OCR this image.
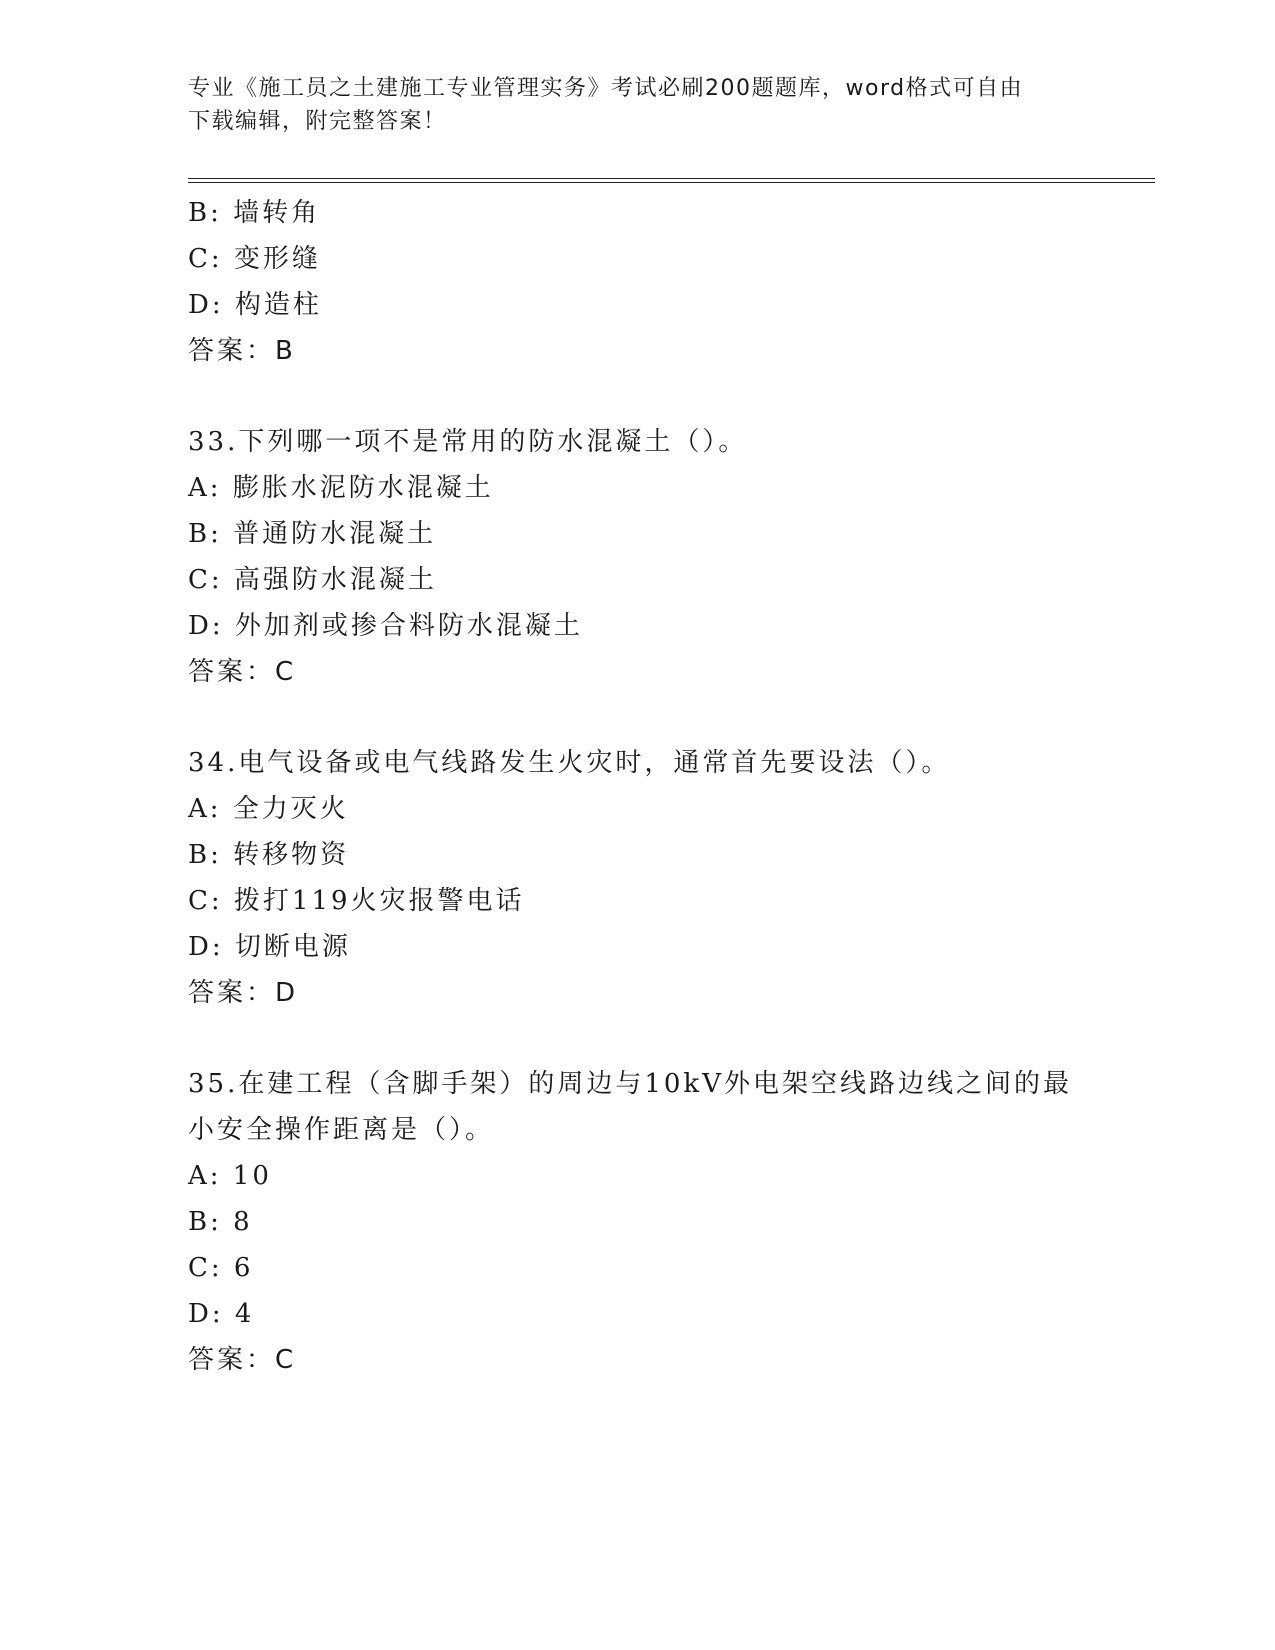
专业《施工员之土建施工专业管理实务》考试必刷200题题库，word格式可自由
下载编辑，附完整答案！
B: 墙转角
C: 变形缝
D: 构造柱
答案：B
33.下列哪一项不是常用的防水混凝土（）。
A: 膨胀水泥防水混凝土
B: 普通防水混凝土
C: 高强防水混凝土
D: 外加剂或掺合料防水混凝土
答案：C
34.电气设备或电气线路发生火灾时，通常首先要设法（）。
A: 全力灭火
B: 转移物资
C: 拨打119火灾报警电话
D: 切断电源
答案：D
35.在建工程（含脚手架）的周边与10kV外电架空线路边线之间的最
小安全操作距离是（）。
A: 10
B: 8
C: 6
D: 4
答案：C
